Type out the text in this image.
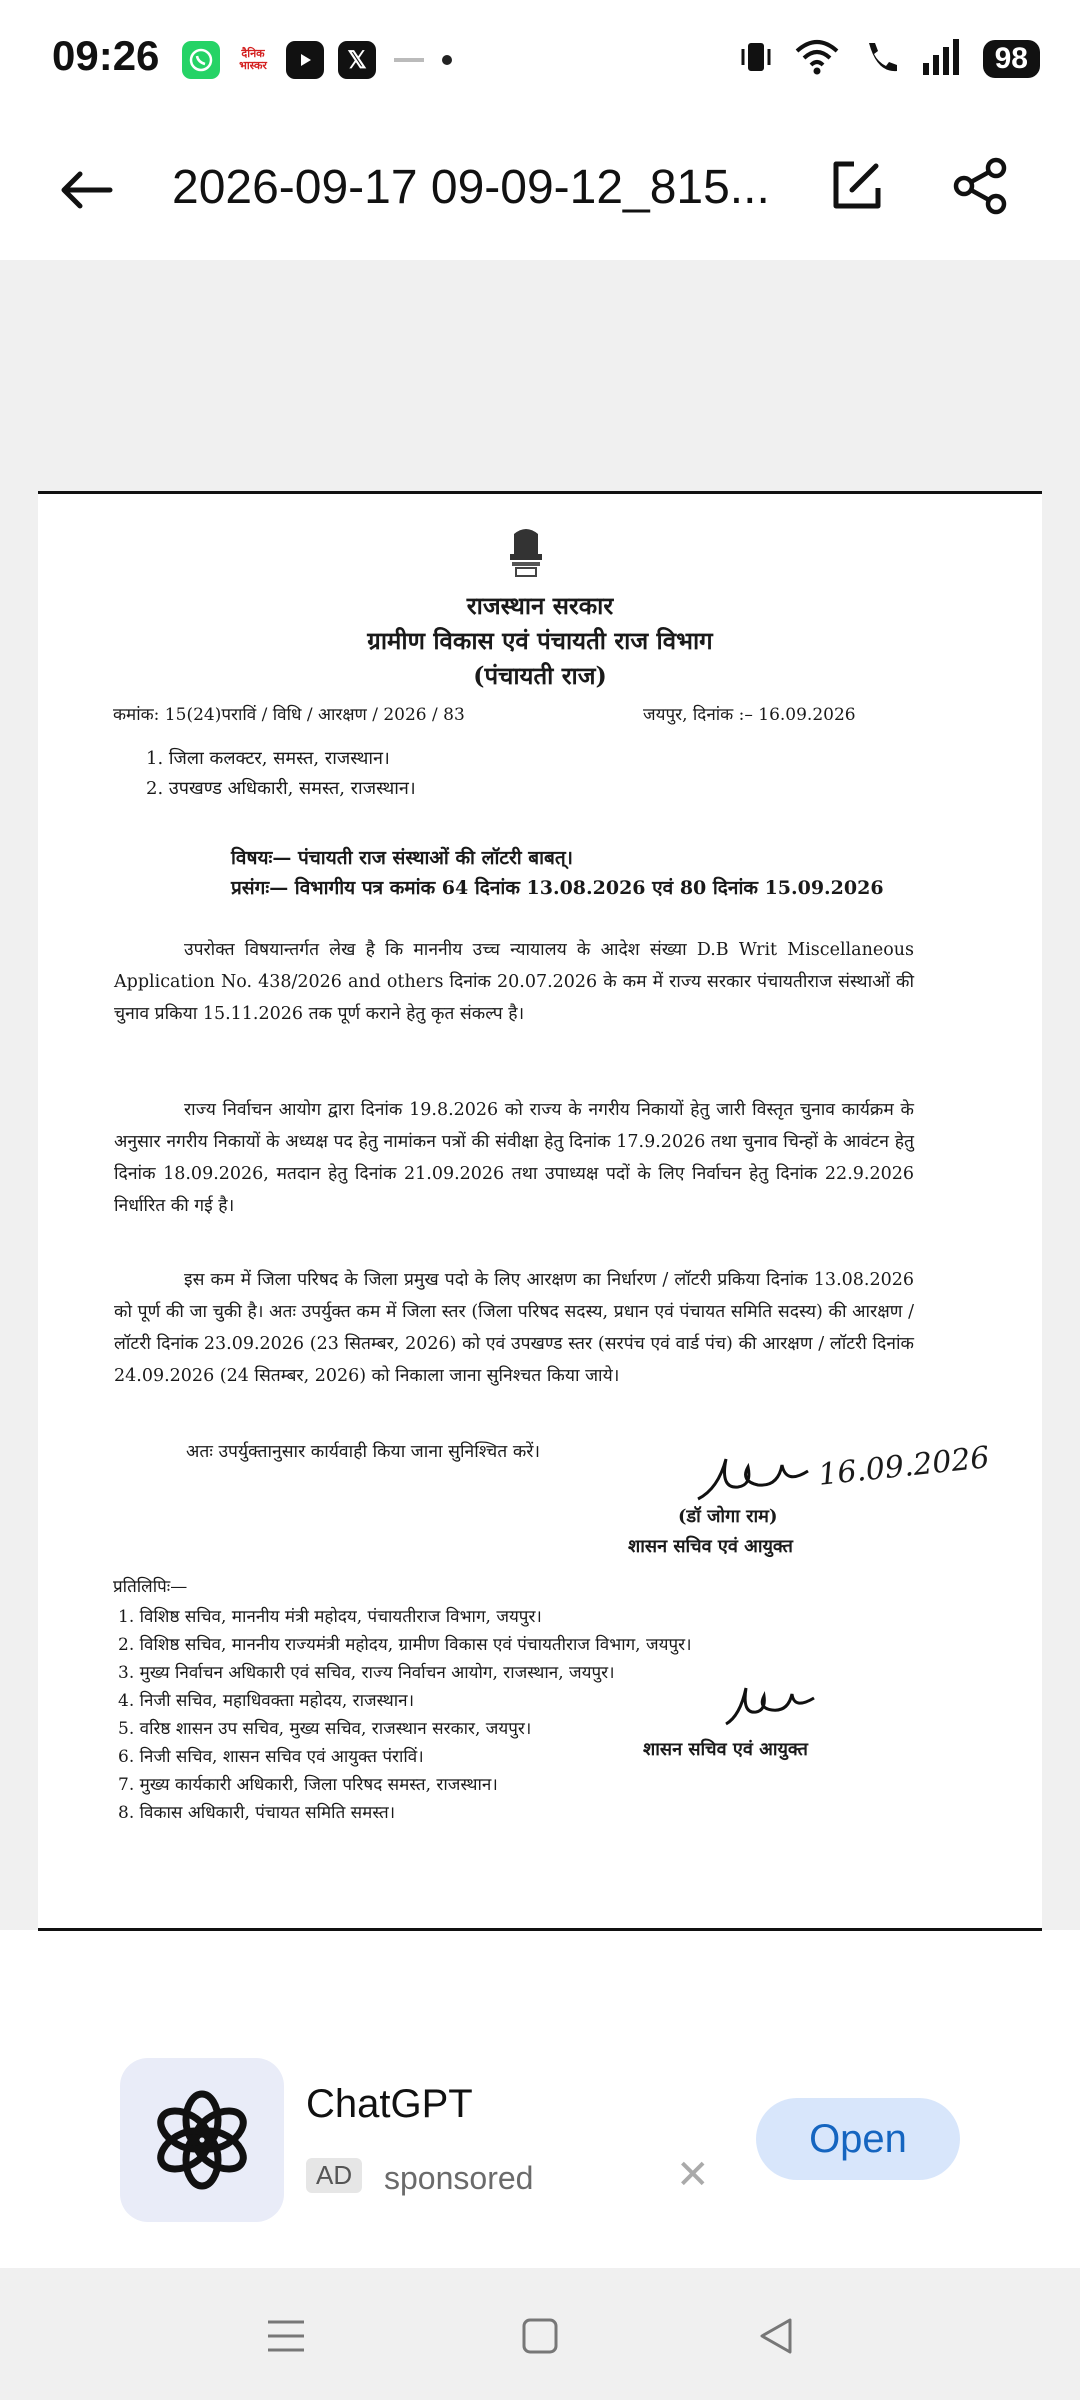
09:26	दैनिक भास्कर	𝕏	98
2026-09-17 09-09-12_815...
राजस्थान सरकार
ग्रामीण विकास एवं पंचायती राज विभाग
(पंचायती राज)
कमांक: 15(24)पराविं / विधि / आरक्षण / 2026 / 83	जयपुर, दिनांक :– 16.09.2026
1. जिला कलक्टर, समस्त, राजस्थान।
2. उपखण्ड अधिकारी, समस्त, राजस्थान।
विषयः— पंचायती राज संस्थाओं की लॉटरी बाबत्।
प्रसंगः— विभागीय पत्र कमांक 64 दिनांक 13.08.2026 एवं 80 दिनांक 15.09.2026

उपरोक्त विषयान्तर्गत लेख है कि माननीय उच्च न्यायालय के आदेश संख्या D.B Writ Miscellaneous Application No. 438/2026 and others दिनांक 20.07.2026 के कम में राज्य सरकार पंचायतीराज संस्थाओं की चुनाव प्रकिया 15.11.2026 तक पूर्ण कराने हेतु कृत संकल्प है।

राज्य निर्वाचन आयोग द्वारा दिनांक 19.8.2026 को राज्य के नगरीय निकायों हेतु जारी विस्तृत चुनाव कार्यक्रम के अनुसार नगरीय निकायों के अध्यक्ष पद हेतु नामांकन पत्रों की संवीक्षा हेतु दिनांक 17.9.2026 तथा चुनाव चिन्हों के आवंटन हेतु दिनांक 18.09.2026, मतदान हेतु दिनांक 21.09.2026 तथा उपाध्यक्ष पदों के लिए निर्वाचन हेतु दिनांक 22.9.2026 निर्धारित की गई है।

इस कम में जिला परिषद के जिला प्रमुख पदो के लिए आरक्षण का निर्धारण / लॉटरी प्रकिया दिनांक 13.08.2026 को पूर्ण की जा चुकी है। अतः उपर्युक्त कम में जिला स्तर (जिला परिषद सदस्य, प्रधान एवं पंचायत समिति सदस्य) की आरक्षण / लॉटरी दिनांक 23.09.2026 (23 सितम्बर, 2026) को एवं उपखण्ड स्तर (सरपंच एवं वार्ड पंच) की आरक्षण / लॉटरी दिनांक 24.09.2026 (24 सितम्बर, 2026) को निकाला जाना सुनिश्चत किया जाये।

अतः उपर्युक्तानुसार कार्यवाही किया जाना सुनिश्चित करें।	16.09.2026
(डॉ जोगा राम)
शासन सचिव एवं आयुक्त
प्रतिलिपिः—
1. विशिष्ठ सचिव, माननीय मंत्री महोदय, पंचायतीराज विभाग, जयपुर।
2. विशिष्ठ सचिव, माननीय राज्यमंत्री महोदय, ग्रामीण विकास एवं पंचायतीराज विभाग, जयपुर।
3. मुख्य निर्वाचन अधिकारी एवं सचिव, राज्य निर्वाचन आयोग, राजस्थान, जयपुर।
4. निजी सचिव, महाधिवक्ता महोदय, राजस्थान।
5. वरिष्ठ शासन उप सचिव, मुख्य सचिव, राजस्थान सरकार, जयपुर।
6. निजी सचिव, शासन सचिव एवं आयुक्त पंराविं।
7. मुख्य कार्यकारी अधिकारी, जिला परिषद समस्त, राजस्थान।
8. विकास अधिकारी, पंचायत समिति समस्त।
शासन सचिव एवं आयुक्त
ChatGPT
AD sponsored	✕
Open
